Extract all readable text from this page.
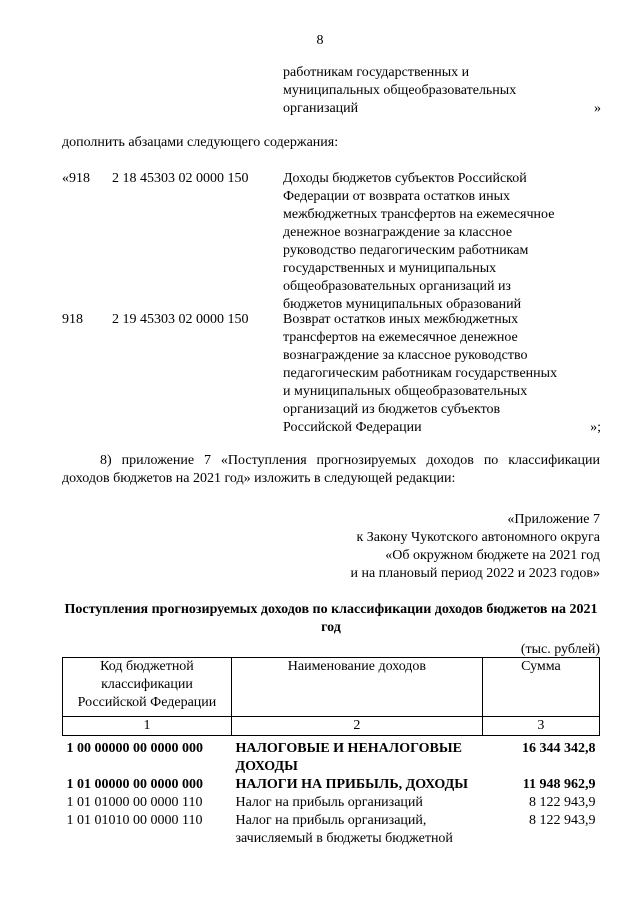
8
работникам государственных и
муниципальных общеобразовательных
организаций	»
дополнить абзацами следующего содержания:
«918 2 18 45303 02 0000 150 Доходы бюджетов субъектов Российской
Федерации от возврата остатков иных
межбюджетных трансфертов на ежемесячное
денежное вознаграждение за классное
руководство педагогическим работникам
государственных и муниципальных
общеобразовательных организаций из
бюджетов муниципальных образований
918 2 19 45303 02 0000 150 Возврат остатков иных межбюджетных
трансфертов на ежемесячное денежное
вознаграждение за классное руководство
педагогическим работникам государственных
и муниципальных общеобразовательных
организаций из бюджетов субъектов
Российской Федерации	»;
8) приложение 7 «Поступления прогнозируемых доходов по классификации доходов бюджетов на 2021 год» изложить в следующей редакции:
«Приложение 7
к Закону Чукотского автономного округа
«Об окружном бюджете на 2021 год
и на плановый период 2022 и 2023 годов»
Поступления прогнозируемых доходов по классификации доходов бюджетов на 2021 год
(тыс. рублей)
Код бюджетной классификации Российской Федерации	Наименование доходов	Сумма
1	2	3
1 00 00000 00 0000 000	НАЛОГОВЫЕ И НЕНАЛОГОВЫЕ ДОХОДЫ	16 344 342,8
1 01 00000 00 0000 000	НАЛОГИ НА ПРИБЫЛЬ, ДОХОДЫ	11 948 962,9
1 01 01000 00 0000 110	Налог на прибыль организаций	8 122 943,9
1 01 01010 00 0000 110	Налог на прибыль организаций, зачисляемый в бюджеты бюджетной	8 122 943,9
